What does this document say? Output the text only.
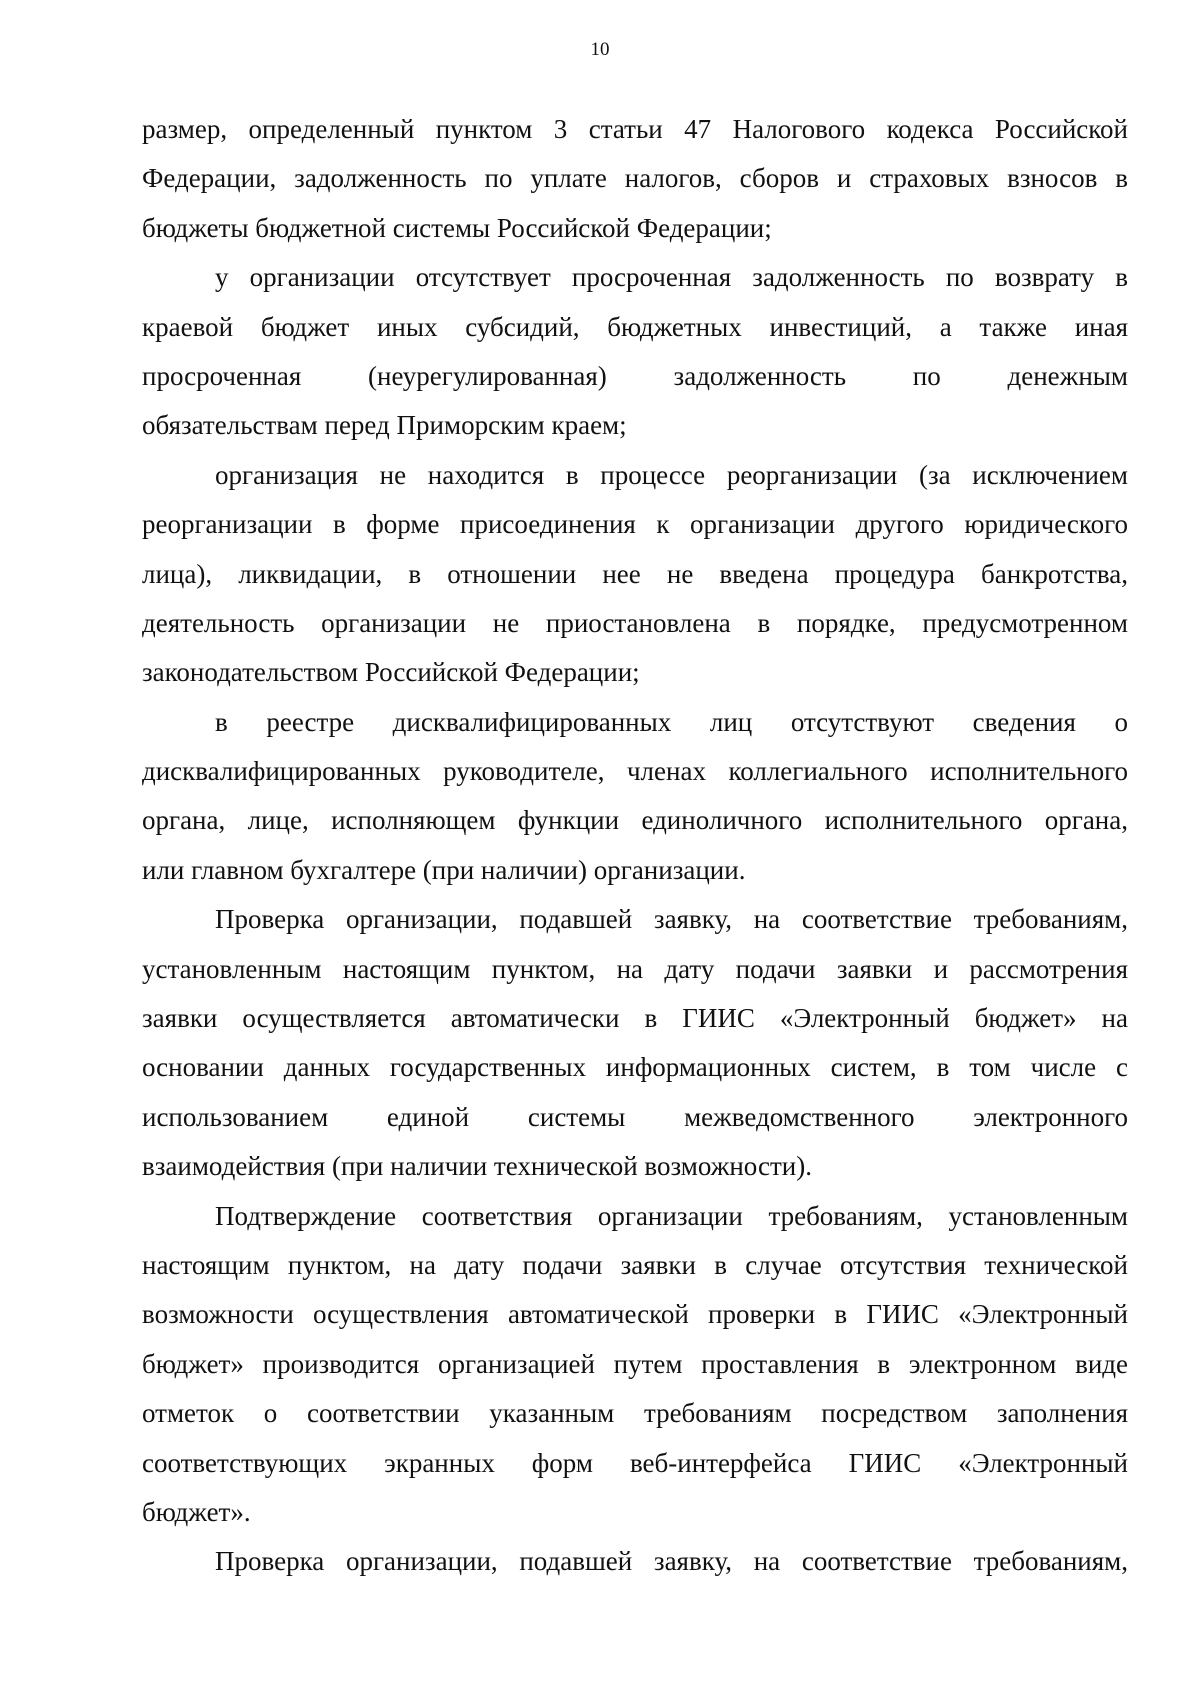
10
размер, определенный пунктом 3 статьи 47 Налогового кодекса Российской
Федерации, задолженность по уплате налогов, сборов и страховых взносов в
бюджеты бюджетной системы Российской Федерации;
у организации отсутствует просроченная задолженность по возврату в
краевой бюджет иных субсидий, бюджетных инвестиций, а также иная
просроченная (неурегулированная) задолженность по денежным
обязательствам перед Приморским краем;
организация не находится в процессе реорганизации (за исключением
реорганизации в форме присоединения к организации другого юридического
лица), ликвидации, в отношении нее не введена процедура банкротства,
деятельность организации не приостановлена в порядке, предусмотренном
законодательством Российской Федерации;
в реестре дисквалифицированных лиц отсутствуют сведения о
дисквалифицированных руководителе, членах коллегиального исполнительного
органа, лице, исполняющем функции единоличного исполнительного органа,
или главном бухгалтере (при наличии) организации.
Проверка организации, подавшей заявку, на соответствие требованиям,
установленным настоящим пунктом, на дату подачи заявки и рассмотрения
заявки осуществляется автоматически в ГИИС «Электронный бюджет» на
основании данных государственных информационных систем, в том числе с
использованием единой системы межведомственного электронного
взаимодействия (при наличии технической возможности).
Подтверждение соответствия организации требованиям, установленным
настоящим пунктом, на дату подачи заявки в случае отсутствия технической
возможности осуществления автоматической проверки в ГИИС «Электронный
бюджет» производится организацией путем проставления в электронном виде
отметок о соответствии указанным требованиям посредством заполнения
соответствующих экранных форм веб-интерфейса ГИИС «Электронный
бюджет».
Проверка организации, подавшей заявку, на соответствие требованиям,
